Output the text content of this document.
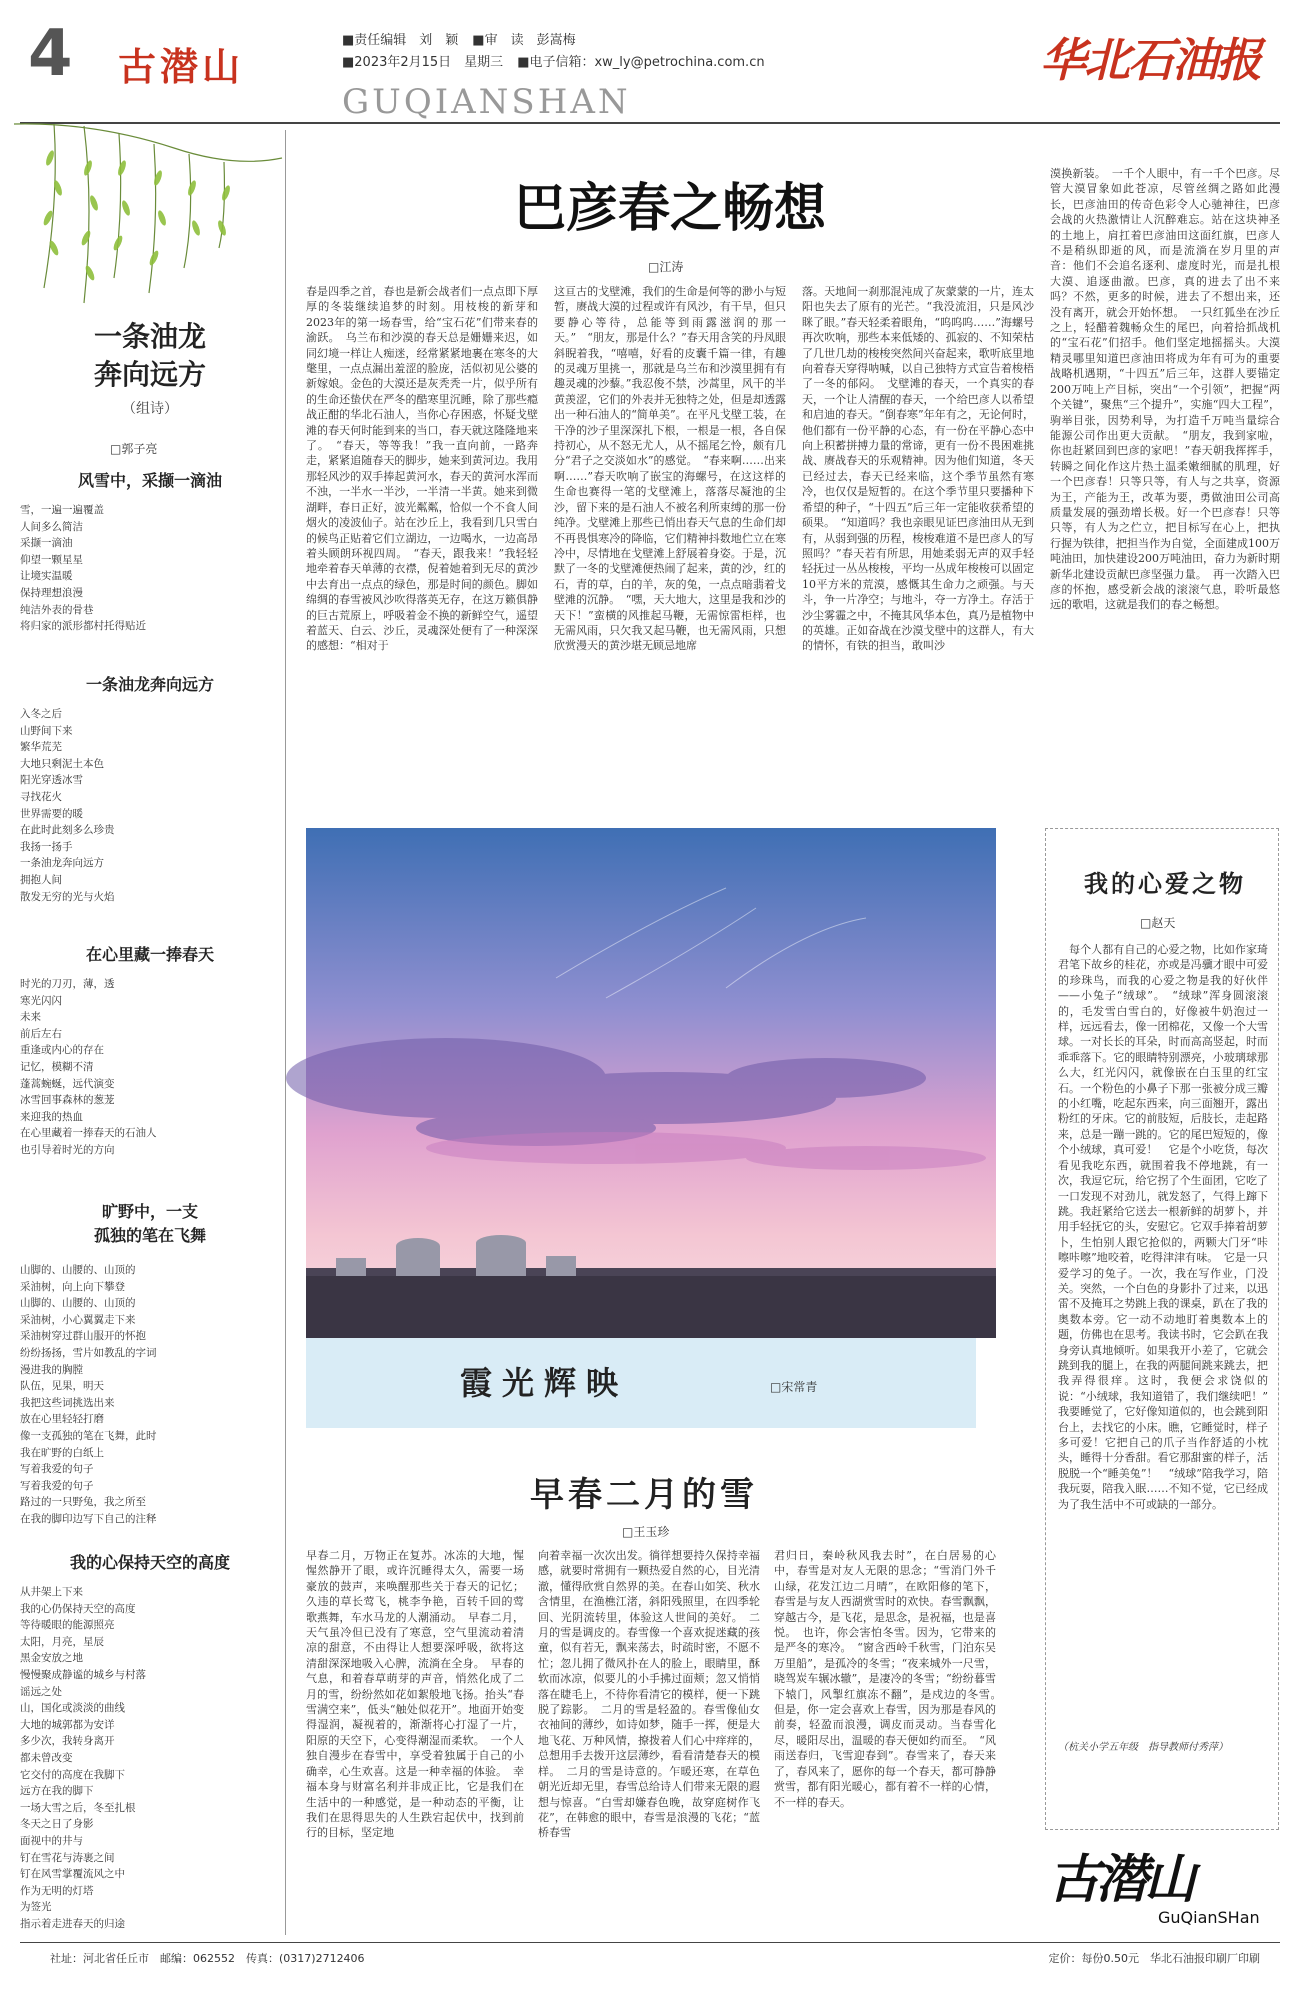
4 古潜山
■责任编辑　刘　颖 ■审　读　彭嵩梅
■2023年2月15日　星期三 ■电子信箱：xw_ly@petrochina.com.cn
GUQIANSHAN
华北石油报
一条油龙
奔向远方
（组诗）
□郭子亮
风雪中，采撷一滴油
雪，一遍一遍覆盖
人间多么简洁
采撷一滴油
仰望一颗星星
让境实温暖
保持理想浪漫
纯洁外表的骨巷
将归家的派形都村托得贴近
一条油龙奔向远方
入冬之后
山野间下来
繁华荒芜
大地只剩泥土本色
阳光穿透冰雪
寻找花火
世界需要的暖
在此时此刻多么珍贵
我扬一扬手
一条油龙奔向远方
拥抱人间
散发无穷的光与火焰
在心里藏一捧春天
时光的刀刃，薄，透
寒光闪闪
未来
前后左右
重逢或内心的存在
记忆，模糊不清
蓬蒿蜿蜒，远代演变
冰雪回事森林的葱茏
来迎我的热血
在心里藏着一捧春天的石油人
也引导着时光的方向
旷野中，一支
孤独的笔在飞舞
山脚的、山腰的、山顶的
采油树，向上向下攀登
山脚的、山腰的、山顶的
采油树，小心翼翼走下来
采油树穿过群山服开的怀抱
纷纷扬扬，雪片如教乱的字词
漫进我的胸膛
队伍，见果，明天
我把这些词挑选出来
放在心里轻轻打磨
像一支孤独的笔在飞舞，此时
我在旷野的白纸上
写着我爱的句子
写着我爱的句子
路过的一只野兔，我之所至
在我的脚印边写下自己的注释
我的心保持天空的高度
从井架上下来
我的心仍保持天空的高度
等待暖眼的能源照亮
太阳，月亮，星辰
黑金安放之地
慢慢聚成静谧的城乡与村落
谣远之处
山，国化或淡淡的曲线
大地的城郭都为安详
多少次，我转身离开
都未曾改变
它交付的高度在我脚下
远方在我的脚下
一场大雪之后，冬至扎根
冬天之日了身影
面视中的井与
钉在雪花与涛裹之间
钉在风雪掌覆流风之中
作为无明的灯塔
为签光
指示着走进春天的归途
巴彦春之畅想
□江涛
春是四季之首，春也是新会战者们一点点即下厚厚的冬装继续追梦的时刻。用枝梭的新芽和2023年的第一场春雪，给“宝石花”们带来春的渝跃。　乌兰布和沙漠的春天总是姗姗来迟，如同幻境一样让人痴迷，经常紧紧地裹在寒冬的大氅里，一点点漏出羞涩的脸庞，活似初见公婆的新嫁娘。金色的大漠还是灰秃秃一片，似乎所有的生命还蛰伏在严冬的酷寒里沉睡，除了那些瘾战正酣的华北石油人，当你心存困惑，怀疑戈壁滩的春天何时能到来的当口，春天就这隆隆地来了。　“春天，等等我！”我一直向前，一路奔走，紧紧追随春天的脚步，她来到黄河边。我用那轻风沙的双手捧起黄河水，春天的黄河水浑而不浊，一半水一半沙，一半清一半黄。她来到微湖畔，春日正好，波光粼粼，恰似一个不食人间烟火的凌波仙子。站在沙丘上，我看到几只雪白的候鸟正贴着它们立湖边，一边喝水，一边高昂着头顾朗环视四周。　“春天，跟我来！”我轻轻地牵着春天单薄的衣襟，倪着她着到无尽的黄沙中去育出一点点的绿色，那是时间的颜色。脚如绵绸的春雪被风沙吹得落英无存，在这万籁俱静的巨古荒原上，呼吸着金不换的新鲜空气，遥望着蓝天、白云、沙丘，灵魂深处便有了一种深深的感想：“相对于
这亘古的戈壁滩，我们的生命是何等的渺小与短暂，赓战大漠的过程或许有风沙，有干旱，但只要静心等待，总能等到雨露滋润的那一天。”　“朋友，那是什么？”春天用含笑的丹凤眼斜睨着我，“嘻嘻，好看的皮囊千篇一律，有趣的灵魂万里挑一，那就是乌兰布和沙漠里拥有有趣灵魂的沙藜。”我忍俊不禁，沙蒿里，风干的半黄羡涩，它们的外表并无独特之处，但是却透露出一种石油人的“简单美”。在平凡戈壁工装，在干净的沙子里深深扎下根，一根是一根，各自保持初心，从不怒无尤人，从不摇尾乞怜，颇有几分“君子之交淡如水”的感觉。　“春来啊……出来啊……”春天吹响了嵌宝的海螺号，在这这样的生命也赛得一笔的戈壁滩上，落落尽凝池的尘沙，留下来的是石油人不被名利所束缚的那一份纯净。戈壁滩上那些已悄出春天气息的生命们却不再畏惧寒冷的降临，它们精神抖数地伫立在寒冷中，尽情地在戈壁滩上舒展着身姿。于是，沉默了一冬的戈壁滩便热闹了起来，黄的沙，红的石，青的草，白的羊，灰的兔，一点点暗翡着戈壁滩的沉静。　“嘿，天大地大，这里是我和沙的天下！”蛮横的风推起马鞭，无需惊雷柜样，也无需风雨，只欠我又起马鞭，也无需风雨，只想欣赏漫天的黄沙堪无顾忌地席
落。天地间一刹那混沌成了灰蒙蒙的一片，连太阳也失去了原有的光芒。“我没流泪，只是风沙眯了眼。”春天轻柔着眼角，“呜呜呜……”海螺号再次吹响，那些本来低矮的、孤寂的、不知荣枯了几世几劫的梭梭突然间兴奋起来，歌听底里地向着春天穿得呐喊，以自己独特方式宣告着梭梧了一冬的郁闷。　戈壁滩的春天，一个真实的春天，一个让人清醒的春天，一个给巴彦人以希望和启迪的春天。“倒春寒”年年有之，无论何时，他们都有一份平静的心态，有一份在平静心态中向上积蓄拼搏力量的常谛，更有一份不畏困难挑战、赓战春天的乐观精神。因为他们知道，冬天已经过去，春天已经来临，这个季节虽然有寒冷，也仅仅是短暂的。在这个季节里只要播种下希望的种子，“十四五”后三年一定能收获希望的硕果。　“知道吗？我也亲眼见证巴彦油田从无到有，从弱到强的历程，梭梭难道不是巴彦人的写照吗？”春天若有所思，用她柔弱无声的双手轻轻抚过一丛丛梭梭，平均一丛成年梭梭可以固定10平方米的荒漠，感慨其生命力之顽强。与天斗，争一片净空；与地斗，夺一方净土。存活于沙尘雾霾之中，不掩其风华本色，真乃是植物中的英雄。正如奋战在沙漠戈壁中的这群人，有大的情怀，有铁的担当，敢叫沙
漠换新装。　一千个人眼中，有一千个巴彦。尽管大漠冒象如此苍凉，尽管丝绸之路如此漫长，巴彦油田的传奇色彩令人心驰神往，巴彦会战的火热激情让人沉醉难忘。站在这块神圣的土地上，肩扛着巴彦油田这面红旗，巴彦人不是稍纵即逝的风，而是流淌在岁月里的声音：他们不会追名逐利、虚度时光，而是扎根大漠、追逐曲澈。巴彦，真的进去了出不来吗？不然，更多的时候，进去了不想出来，还没有离开，就会开始怀想。　一只红狐坐在沙丘之上，轻醋着魏畅众生的尾巴，向着拾抓战机的“宝石花”们招手。他们坚定地摇摇头。大漠精灵哪里知道巴彦油田将成为年有可为的重要战略机遇期，“十四五”后三年，这群人要锚定200万吨上产目标，突出“一个引领”，把握“两个关键”，聚焦“三个提升”，实施“四大工程”，驹举目张，因势利导，为打造千万吨当量综合能源公司作出更大贡献。　“朋友，我到家啦，你也赶紧回到巴彦的家吧！”春天朝我挥挥手，转瞬之间化作这片热土温柔嫩细腻的肌理，好一个巴彦春！只等只等，有人与之共享，资源为王，产能为王，改革为要，勇做油田公司高质量发展的强劲增长极。好一个巴彦春！只等只等，有人为之伫立，把目标写在心上，把执行握为铁律，把担当作为自觉，全面建成100万吨油田，加快建设200万吨油田，奋力为新时期新华北建设贡献巴彦坚强力量。　再一次踏入巴彦的怀抱，感受新会战的滚滚气息，聆听最悠远的歌唱，这就是我们的春之畅想。
霞光辉映	□宋常青
早春二月的雪
□王玉珍
早春二月，万物正在复苏。冰冻的大地，惺惺然静开了眼，或许沉睡得太久，需要一场豪放的鼓声，来唤醒那些关于春天的记忆；久违的草长莺飞，桃李争艳，百转千回的莺歌燕舞，车水马龙的人潮涌动。　早春二月，天气虽冷但已没有了寒意，空气里流动着清凉的甜意，不由得让人想要深呼吸，欲将这清甜深深地吸入心脾，流淌在全身。　早春的气息，和着春草萌芽的声音，悄然化成了二月的雪，纷纷然如花如絮般地飞扬。抬头“春雪满空来”，低头“触处似花开”。地面开始变得湿润，凝视着的，渐渐将心打湿了一片，阳原的天空下，心变得潮湿而柔软。　一个人独自漫步在春雪中，享受着独属于自己的小确幸，心生欢喜。这是一种幸福的体验。　幸福本身与财富名利并非成正比，它是我们在生活中的一种感觉，是一种动态的平衡，让我们在思得思失的人生跌宕起伏中，找到前行的目标，坚定地
向着幸福一次次出发。徜徉想要持久保持幸福感，就要时常拥有一颗热爱自然的心，目光清澈，懂得欣赏自然界的美。在春山如笑、秋水含情里，在渔樵江渚，斜阳残照里，在四季轮回、光阴流转里，体验这人世间的美好。　二月的雪是调皮的。春雪像一个喜欢捉迷藏的孩童，似有若无，飘来荡去，时疏时密，不愿不忙；忽儿拥了微风扑在人的脸上，眼睛里，酥软而冰凉，似要儿的小手拂过面颊；忽又悄悄落在睫毛上，不待你看清它的模样，便一下跳脱了踪影。　二月的雪是轻盈的。春雪像仙女衣袖间的薄纱，如诗如梦，随手一挥，便是大地飞花、万种风情，撩拨着人们心中痒痒的，总想用手去拨开这层薄纱，看看清楚春天的模样。　二月的雪是诗意的。乍暖还寒，在草色朝光近却无里，春雪总给诗人们带来无限的遐想与惊喜。“白雪却嫌春色晚，故穿庭树作飞花”，在韩愈的眼中，春雪是浪漫的飞花；“蓝桥春雪
君归日，秦岭秋风我去时”，在白居易的心中，春雪是对友人无限的思念；“雪消门外千山绿，花发江边二月晴”，在欧阳修的笔下，春雪是与友人西湖赏雪时的欢快。春雪飘飘，穿越古今，是飞花，是思念，是祝福，也是喜悦。　也许，你会害怕冬雪。因为，它带来的是严冬的寒冷。　“窗含西岭千秋雪，门泊东吴万里船”，是孤冷的冬雪；“夜来城外一尺雪，晓驾炭车辗冰辙”，是凄冷的冬雪；“纷纷暮雪下辕门，风掣红旗冻不翻”，是戍边的冬雪。　但是，你一定会喜欢上春雪，因为那是春风的前奏，轻盈而浪漫，调皮而灵动。当春雪化尽，暖阳尽出，温暖的春天便如约而至。　“风雨送春归，飞雪迎春到”。春雪来了，春天来了，春风来了，愿你的每一个春天，都可静静赏雪，都有阳光暖心，都有着不一样的心情，不一样的春天。
我的心爱之物
□赵天
　每个人都有自己的心爱之物，比如作家琦君笔下故乡的桂花，亦或是冯骥才眼中可爱的珍珠鸟，而我的心爱之物是我的好伙伴——小兔子“绒球”。　“绒球”浑身圆滚滚的，毛发雪白雪白的，好像被牛奶泡过一样，远远看去，像一团棉花，又像一个大雪球。一对长长的耳朵，时而高高竖起，时而乖乖落下。它的眼睛特别漂亮，小玻璃球那么大，红光闪闪，就像嵌在白玉里的红宝石。一个粉色的小鼻子下那一张被分成三瓣的小红嘴，吃起东西来，向三面翘开，露出粉红的牙床。它的前肢短，后肢长，走起路来，总是一蹦一跳的。它的尾巴短短的，像个小绒球，真可爱！　它是个小吃货，每次看见我吃东西，就围着我不停地跳，有一次，我逗它玩，给它拐了个生面团，它吃了一口发现不对劲儿，就发怒了，气得上蹿下跳。我赶紧给它送去一根新鲜的胡萝卜，并用手轻抚它的头，安慰它。它双手捧着胡萝卜，生怕别人跟它抢似的，两颗大门牙“咔嚓咔嚓”地咬着，吃得津津有味。　它是一只爱学习的兔子。一次，我在写作业，门没关。突然，一个白色的身影扑了过来，以迅雷不及掩耳之势跳上我的课桌，趴在了我的奥数本旁。它一动不动地盯着奥数本上的题，仿佛也在思考。我读书时，它会趴在我身旁认真地倾听。如果我开小差了，它就会跳到我的腿上，在我的两腿间跳来跳去，把我弄得很痒。这时，我便会求饶似的说：“小绒球，我知道错了，我们继续吧！”　我要睡觉了，它好像知道似的，也会跳到阳台上，去找它的小床。瞧，它睡觉时，样子多可爱！它把自己的爪子当作舒适的小枕头，睡得十分香甜。看它那甜蜜的样子，活脱脱一个“睡美兔”！　“绒球”陪我学习，陪我玩耍，陪我入眠……不知不觉，它已经成为了我生活中不可或缺的一部分。
（杭关小学五年级　指导教师付秀萍）
古潜山
GuQianSHan
社址：河北省任丘市　邮编：062552　传真：(0317)2712406	定价：每份0.50元　华北石油报印刷厂印刷
